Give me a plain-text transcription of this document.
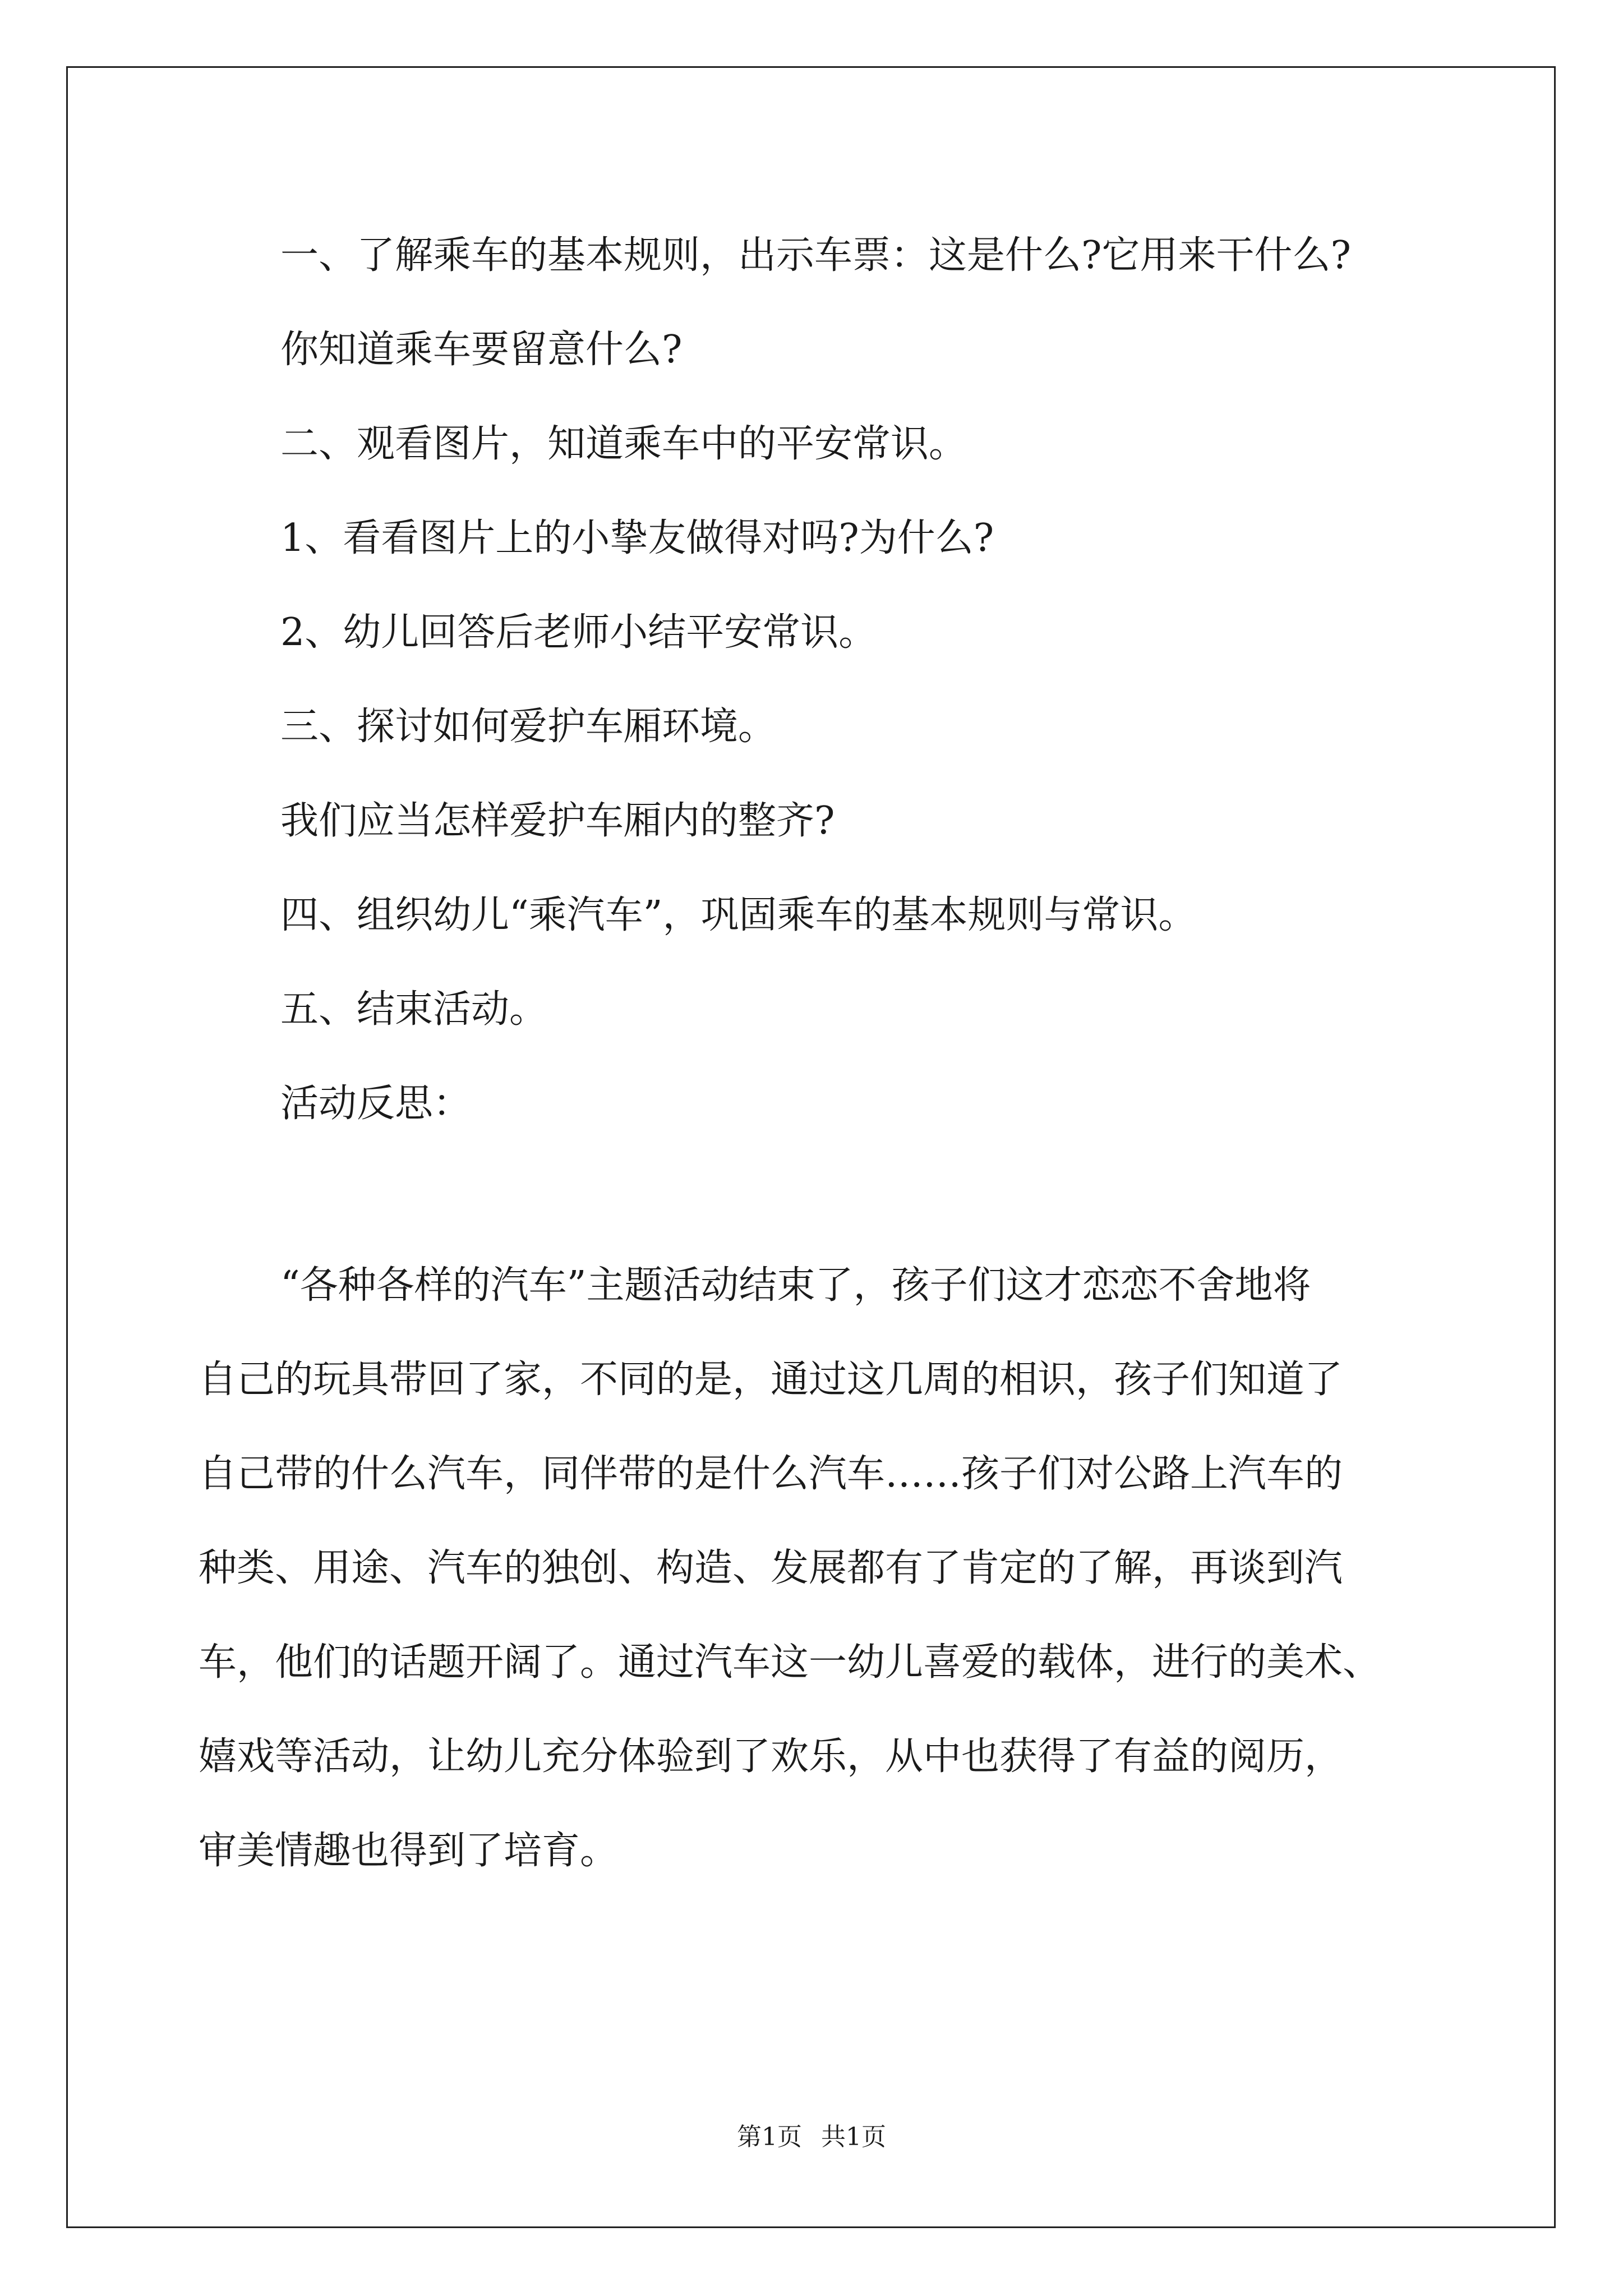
一、了解乘车的基本规则，出示车票：这是什么?它用来干什么?

你知道乘车要留意什么?

二、观看图片，知道乘车中的平安常识。

1、看看图片上的小挚友做得对吗?为什么?

2、幼儿回答后老师小结平安常识。

三、探讨如何爱护车厢环境。

我们应当怎样爱护车厢内的整齐?

四、组织幼儿“乘汽车”，巩固乘车的基本规则与常识。

五、结束活动。

活动反思：

“各种各样的汽车”主题活动结束了，孩子们这才恋恋不舍地将

自己的玩具带回了家，不同的是，通过这几周的相识，孩子们知道了

自己带的什么汽车，同伴带的是什么汽车……孩子们对公路上汽车的

种类、用途、汽车的独创、构造、发展都有了肯定的了解，再谈到汽

车，他们的话题开阔了。通过汽车这一幼儿喜爱的载体，进行的美术、

嬉戏等活动，让幼儿充分体验到了欢乐，从中也获得了有益的阅历，

审美情趣也得到了培育。

第1页 共1页
